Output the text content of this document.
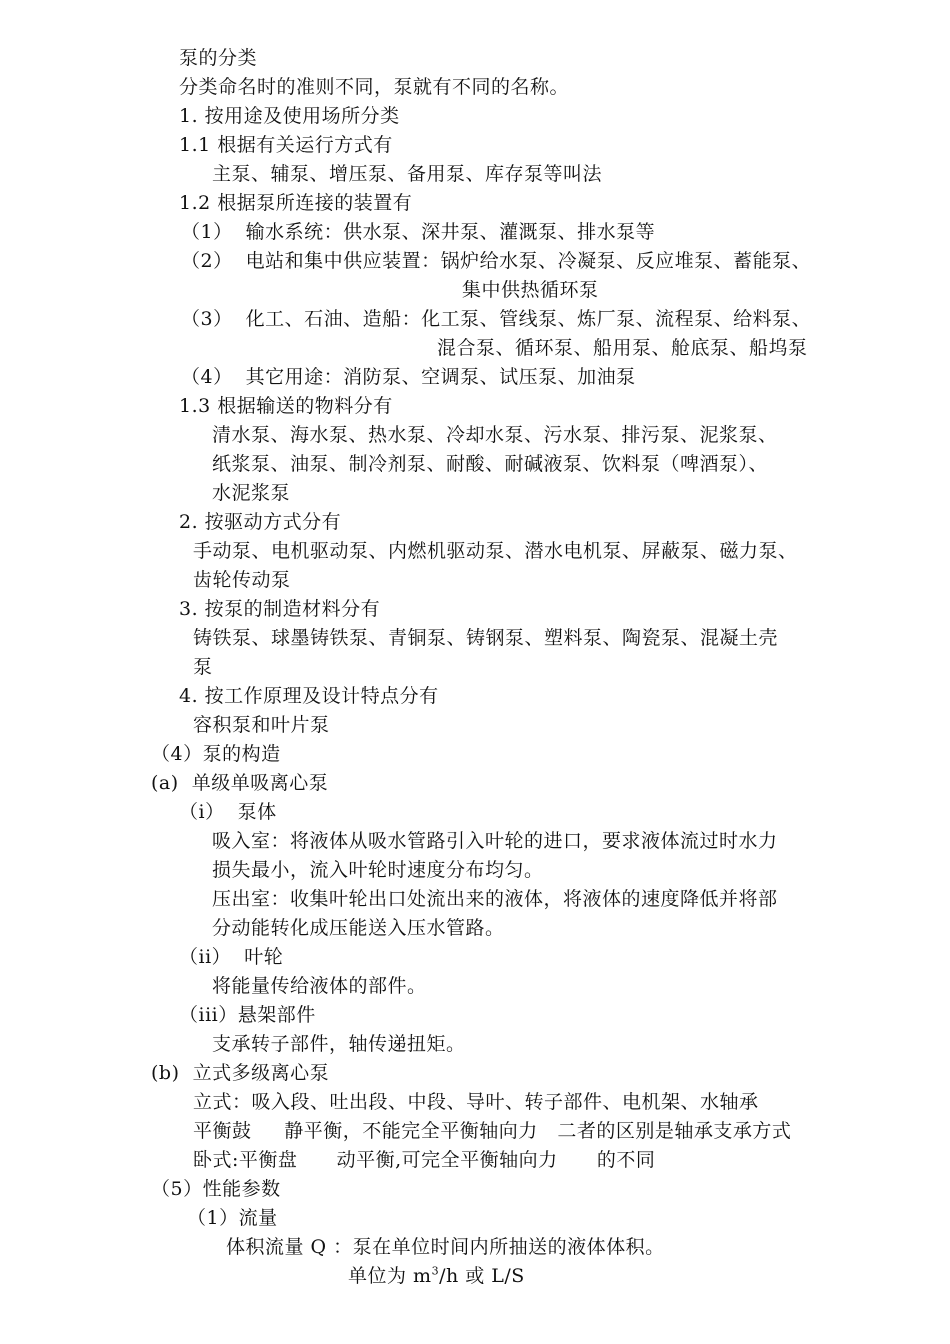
泵的分类
分类命名时的准则不同，泵就有不同的名称。
1. 按用途及使用场所分类
1.1 根据有关运行方式有
主泵、辅泵、增压泵、备用泵、库存泵等叫法
1.2 根据泵所连接的装置有
（1）  输水系统：供水泵、深井泵、灌溉泵、排水泵等
（2）  电站和集中供应装置：锅炉给水泵、冷凝泵、反应堆泵、蓄能泵、
集中供热循环泵
（3）  化工、石油、造船：化工泵、管线泵、炼厂泵、流程泵、给料泵、
混合泵、循环泵、船用泵、舱底泵、船坞泵
（4）  其它用途：消防泵、空调泵、试压泵、加油泵
1.3 根据输送的物料分有
清水泵、海水泵、热水泵、冷却水泵、污水泵、排污泵、泥浆泵、
纸浆泵、油泵、制冷剂泵、耐酸、耐碱液泵、饮料泵（啤酒泵）、
水泥浆泵
2. 按驱动方式分有
手动泵、电机驱动泵、内燃机驱动泵、潜水电机泵、屏蔽泵、磁力泵、
齿轮传动泵
3. 按泵的制造材料分有
铸铁泵、球墨铸铁泵、青铜泵、铸钢泵、塑料泵、陶瓷泵、混凝土壳
泵
4. 按工作原理及设计特点分有
容积泵和叶片泵
（4）泵的构造
(a)  单级单吸离心泵
（i）  泵体
吸入室：将液体从吸水管路引入叶轮的进口，要求液体流过时水力
损失最小，流入叶轮时速度分布均匀。
压出室：收集叶轮出口处流出来的液体，将液体的速度降低并将部
分动能转化成压能送入压水管路。
（ii）  叶轮
将能量传给液体的部件。
（iii）悬架部件
支承转子部件，轴传递扭矩。
(b)  立式多级离心泵
立式：吸入段、吐出段、中段、导叶、转子部件、电机架、水轴承
平衡鼓     静平衡，不能完全平衡轴向力   二者的区别是轴承支承方式
卧式:平衡盘      动平衡,可完全平衡轴向力      的不同
（5）性能参数
（1）流量
体积流量 Q ：泵在单位时间内所抽送的液体体积。
单位为 $m^3/h$ 或 L/S
